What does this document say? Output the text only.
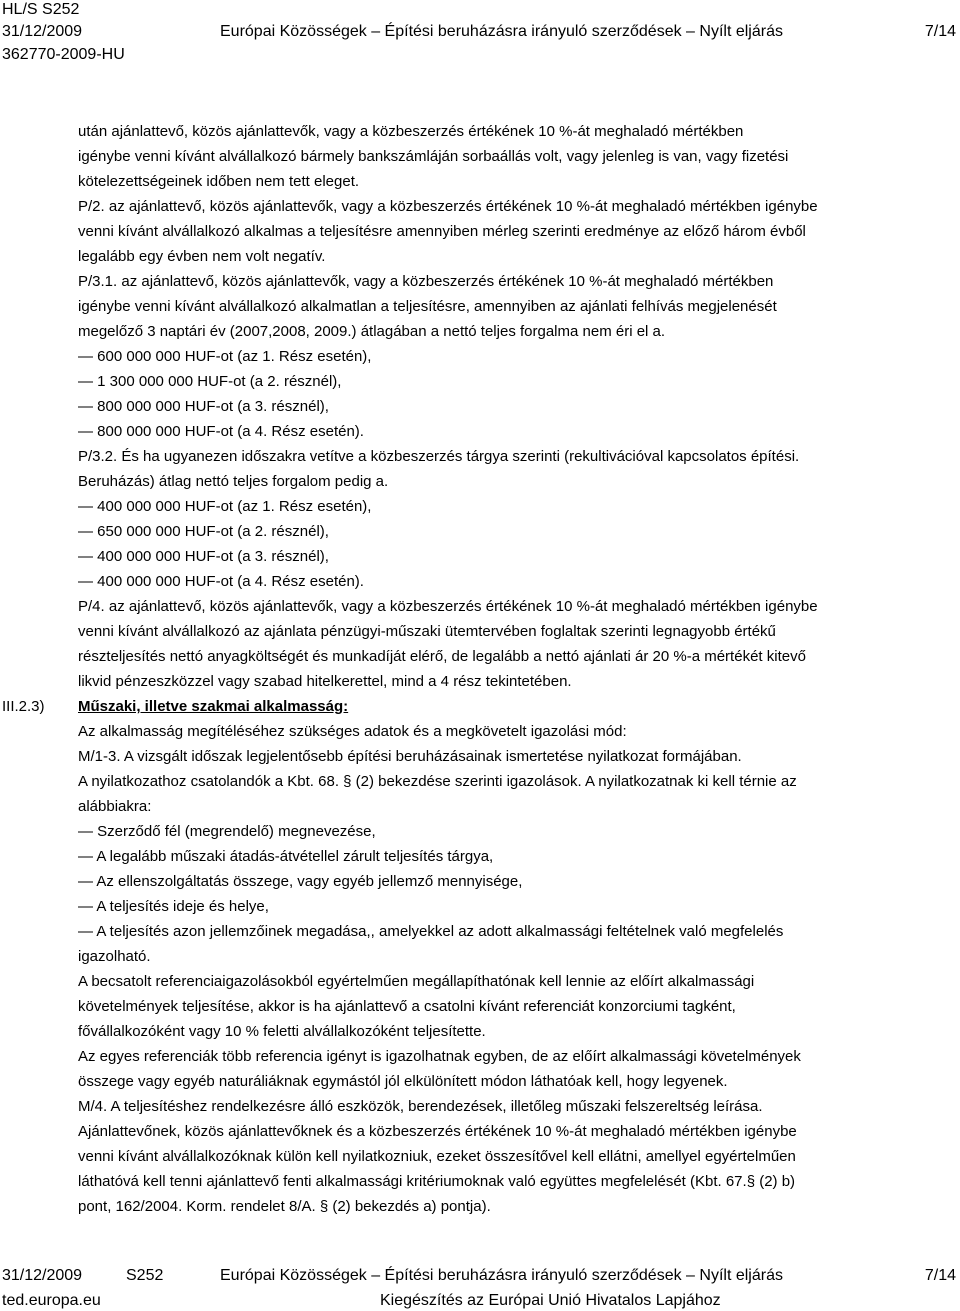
HL/S S252
31/12/2009
362770-2009-HU
Európai Közösségek – Építési beruházásra irányuló szerződések – Nyílt eljárás	7/14
III.2.3)
után ajánlattevő, közös ajánlattevők, vagy a közbeszerzés értékének 10 %-át meghaladó mértékben
igénybe venni kívánt alvállalkozó bármely bankszámláján sorbaállás volt, vagy jelenleg is van, vagy fizetési
kötelezettségeinek időben nem tett eleget.
P/2. az ajánlattevő, közös ajánlattevők, vagy a közbeszerzés értékének 10 %-át meghaladó mértékben igénybe
venni kívánt alvállalkozó alkalmas a teljesítésre amennyiben mérleg szerinti eredménye az előző három évből
legalább egy évben nem volt negatív.
P/3.1. az ajánlattevő, közös ajánlattevők, vagy a közbeszerzés értékének 10 %-át meghaladó mértékben
igénybe venni kívánt alvállalkozó alkalmatlan a teljesítésre, amennyiben az ajánlati felhívás megjelenését
megelőző 3 naptári év (2007,2008, 2009.) átlagában a nettó teljes forgalma nem éri el a.
— 600 000 000 HUF-ot (az 1. Rész esetén),
— 1 300 000 000 HUF-ot (a 2. résznél),
— 800 000 000 HUF-ot (a 3. résznél),
— 800 000 000 HUF-ot (a 4. Rész esetén).
P/3.2. És ha ugyanezen időszakra vetítve a közbeszerzés tárgya szerinti (rekultivációval kapcsolatos építési.
Beruházás) átlag nettó teljes forgalom pedig a.
— 400 000 000 HUF-ot (az 1. Rész esetén),
— 650 000 000 HUF-ot (a 2. résznél),
— 400 000 000 HUF-ot (a 3. résznél),
— 400 000 000 HUF-ot (a 4. Rész esetén).
P/4. az ajánlattevő, közös ajánlattevők, vagy a közbeszerzés értékének 10 %-át meghaladó mértékben igénybe
venni kívánt alvállalkozó az ajánlata pénzügyi-műszaki ütemtervében foglaltak szerinti legnagyobb értékű
részteljesítés nettó anyagköltségét és munkadíját elérő, de legalább a nettó ajánlati ár 20 %-a mértékét kitevő
likvid pénzeszközzel vagy szabad hitelkerettel, mind a 4 rész tekintetében.
Műszaki, illetve szakmai alkalmasság:
Az alkalmasság megítéléséhez szükséges adatok és a megkövetelt igazolási mód:
M/1-3. A vizsgált időszak legjelentősebb építési beruházásainak ismertetése nyilatkozat formájában.
A nyilatkozathoz csatolandók a Kbt. 68. § (2) bekezdése szerinti igazolások. A nyilatkozatnak ki kell térnie az
alábbiakra:
— Szerződő fél (megrendelő) megnevezése,
— A legalább műszaki átadás-átvétellel zárult teljesítés tárgya,
— Az ellenszolgáltatás összege, vagy egyéb jellemző mennyisége,
— A teljesítés ideje és helye,
— A teljesítés azon jellemzőinek megadása,, amelyekkel az adott alkalmassági feltételnek való megfelelés
igazolható.
A becsatolt referenciaigazolásokból egyértelműen megállapíthatónak kell lennie az előírt alkalmassági
követelmények teljesítése, akkor is ha ajánlattevő a csatolni kívánt referenciát konzorciumi tagként,
fővállalkozóként vagy 10 % feletti alvállalkozóként teljesítette.
Az egyes referenciák több referencia igényt is igazolhatnak egyben, de az előírt alkalmassági követelmények
összege vagy egyéb naturáliáknak egymástól jól elkülönített módon láthatóak kell, hogy legyenek.
M/4. A teljesítéshez rendelkezésre álló eszközök, berendezések, illetőleg műszaki felszereltség leírása.
Ajánlattevőnek, közös ajánlattevőknek és a közbeszerzés értékének 10 %-át meghaladó mértékben igénybe
venni kívánt alvállalkozóknak külön kell nyilatkozniuk, ezeket összesítővel kell ellátni, amellyel egyértelműen
láthatóvá kell tenni ajánlattevő fenti alkalmassági kritériumoknak való együttes megfelelését (Kbt. 67.§ (2) b)
pont, 162/2004. Korm. rendelet 8/A. § (2) bekezdés a) pontja).
31/12/2009	S252	Európai Közösségek – Építési beruházásra irányuló szerződések – Nyílt eljárás	7/14
ted.europa.eu	Kiegészítés az Európai Unió Hivatalos Lapjához
